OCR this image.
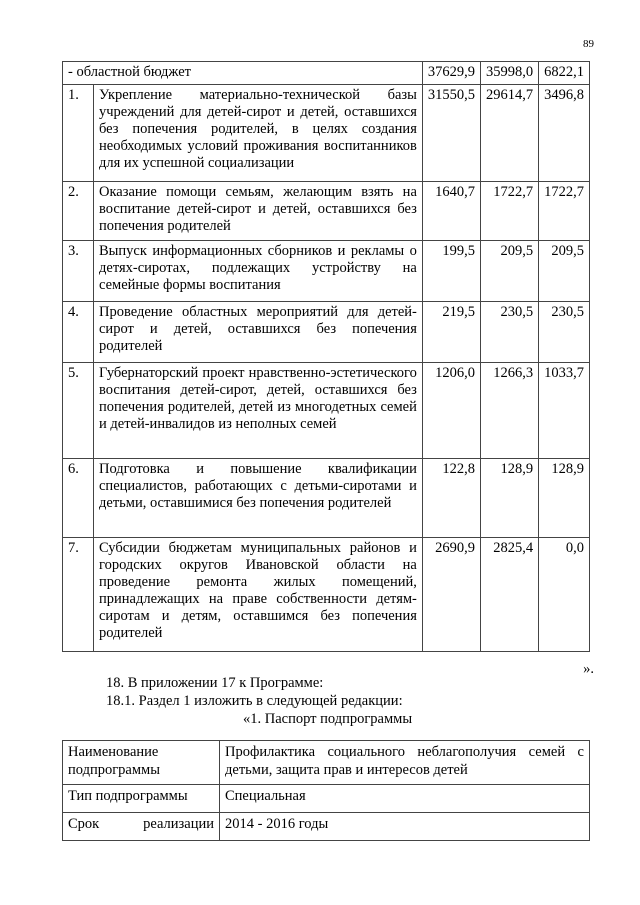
89
- областной бюджет		37629,9	35998,0	6822,1
1.	Укрепление материально-технической базы учреждений для детей-сирот и детей, оставшихся без попечения родителей, в целях создания необходимых условий проживания воспитанников для их успешной социализации	31550,5	29614,7	3496,8
2.	Оказание помощи семьям, желающим взять на воспитание детей-сирот и детей, оставшихся без попечения родителей	1640,7	1722,7	1722,7
3.	Выпуск информационных сборников и рекламы о детях-сиротах, подлежащих устройству на семейные формы воспитания	199,5	209,5	209,5
4.	Проведение областных мероприятий для детей-сирот и детей, оставшихся без попечения родителей	219,5	230,5	230,5
5.	Губернаторский проект нравственно-эстетического воспитания детей-сирот, детей, оставшихся без попечения родителей, детей из многодетных семей и детей-инвалидов из неполных семей	1206,0	1266,3	1033,7
6.	Подготовка и повышение квалификации специалистов, работающих с детьми-сиротами и детьми, оставшимися без попечения родителей	122,8	128,9	128,9
7.	Субсидии бюджетам муниципальных районов и городских округов Ивановской области на проведение ремонта жилых помещений, принадлежащих на праве собственности детям-сиротам и детям, оставшимся без попечения родителей	2690,9	2825,4	0,0
».
18. В приложении 17 к Программе:
18.1. Раздел 1 изложить в следующей редакции:
«1. Паспорт подпрограммы
Наименование подпрограммы	Профилактика социального неблагополучия семей с детьми, защита прав и интересов детей
Тип подпрограммы	Специальная

Срок реализации	2014 - 2016 годы
